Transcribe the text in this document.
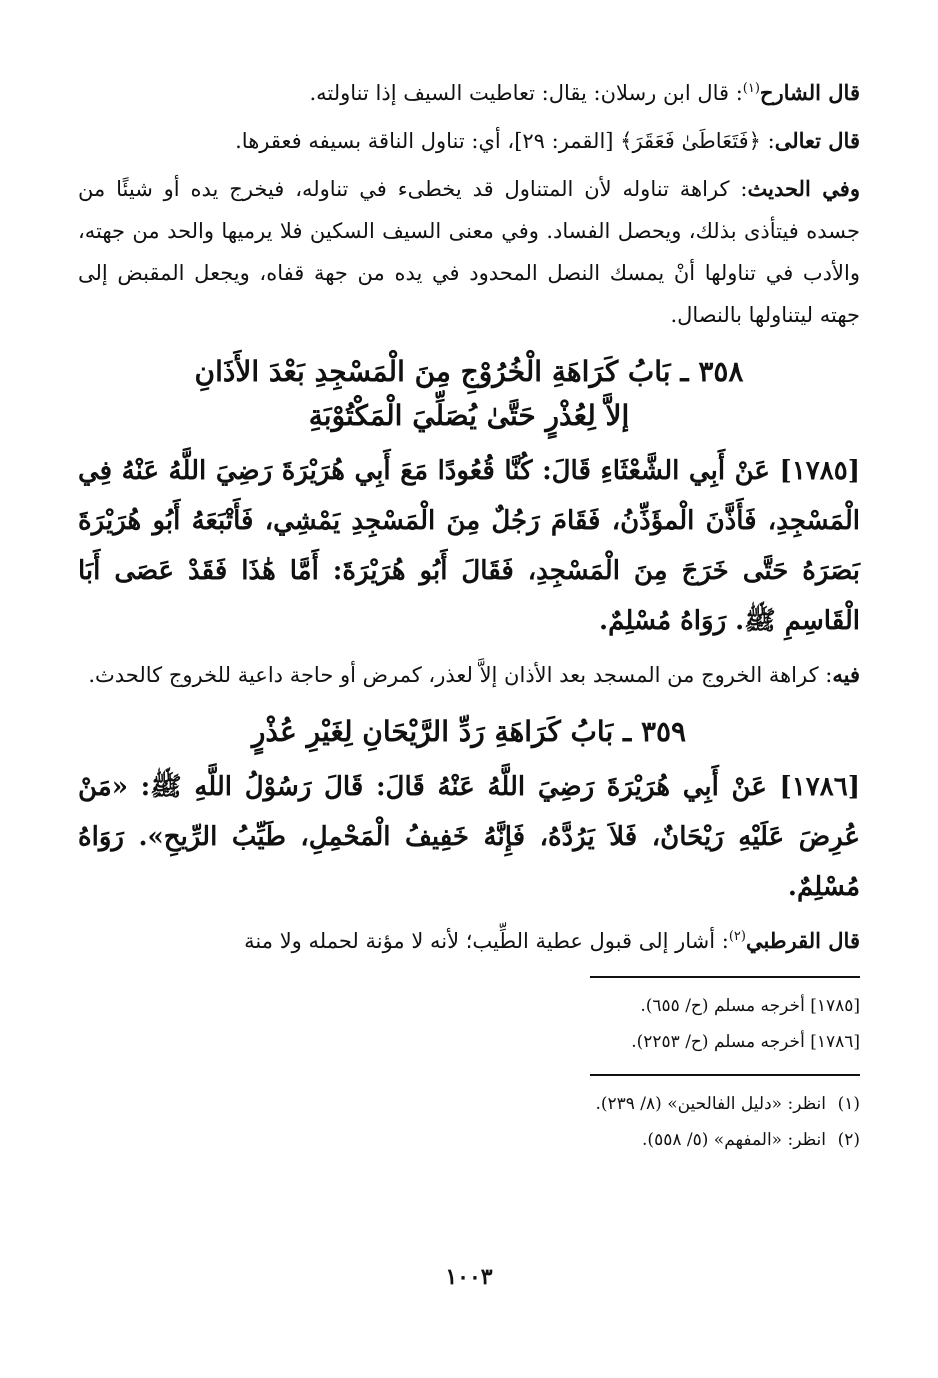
قال الشارح$^{(١)}$: قال ابن رسلان: يقال: تعاطيت السيف إذا تناولته.

قال تعالى: ﴿فَتَعَاطَىٰ فَعَقَرَ﴾ [القمر: ٢٩]، أي: تناول الناقة بسيفه فعقرها.

وفي الحديث: كراهة تناوله لأن المتناول قد يخطىء في تناوله، فيخرج يده أو شيئًا من جسده فيتأذى بذلك، ويحصل الفساد. وفي معنى السيف السكين فلا يرميها والحد من جهته، والأدب في تناولها أنْ يمسك النصل المحدود في يده من جهة قفاه، ويجعل المقبض إلى جهته ليتناولها بالنصال.

٣٥٨ ـ بَابُ كَرَاهَةِ الْخُرُوْجِ مِنَ الْمَسْجِدِ بَعْدَ الأَذَانِ
إلاَّ لِعُذْرٍ حَتَّىٰ يُصَلِّيَ الْمَكْتُوْبَةِ

[١٧٨٥] عَنْ أَبِي الشَّعْثَاءِ قَالَ: كُنَّا قُعُودًا مَعَ أَبِي هُرَيْرَةَ رَضِيَ اللَّهُ عَنْهُ فِي الْمَسْجِدِ، فَأَذَّنَ الْمؤَذِّنُ، فَقَامَ رَجُلٌ مِنَ الْمَسْجِدِ يَمْشِي، فَأَتْبَعَهُ أَبُو هُرَيْرَةَ بَصَرَهُ حَتَّى خَرَجَ مِنَ الْمَسْجِدِ، فَقَالَ أَبُو هُرَيْرَةَ: أَمَّا هَٰذَا فَقَدْ عَصَى أَبَا الْقَاسِمِ ﷺ. رَوَاهُ مُسْلِمٌ.

فيه: كراهة الخروج من المسجد بعد الأذان إلاَّ لعذر، كمرض أو حاجة داعية للخروج كالحدث.

٣٥٩ ـ بَابُ كَرَاهَةِ رَدِّ الرَّيْحَانِ لِغَيْرِ عُذْرٍ

[١٧٨٦] عَنْ أَبِي هُرَيْرَةَ رَضِيَ اللَّهُ عَنْهُ قَالَ: قَالَ رَسُوْلُ اللَّهِ ﷺ: «مَنْ عُرِضَ عَلَيْهِ رَيْحَانٌ، فَلاَ يَرُدَّهُ، فَإِنَّهُ خَفِيفُ الْمَحْمِلِ، طَيِّبُ الرِّيحِ». رَوَاهُ مُسْلِمٌ.

قال القرطبي$^{(٢)}$: أشار إلى قبول عطية الطِّيب؛ لأنه لا مؤنة لحمله ولا منة

[١٧٨٥] أخرجه مسلم (ح/ ٦٥٥).

[١٧٨٦] أخرجه مسلم (ح/ ٢٢٥٣).

(١)انظر: «دليل الفالحين» (٨/ ٢٣٩).

(٢)انظر: «المفهم» (٥/ ٥٥٨).

١٠٠٣
